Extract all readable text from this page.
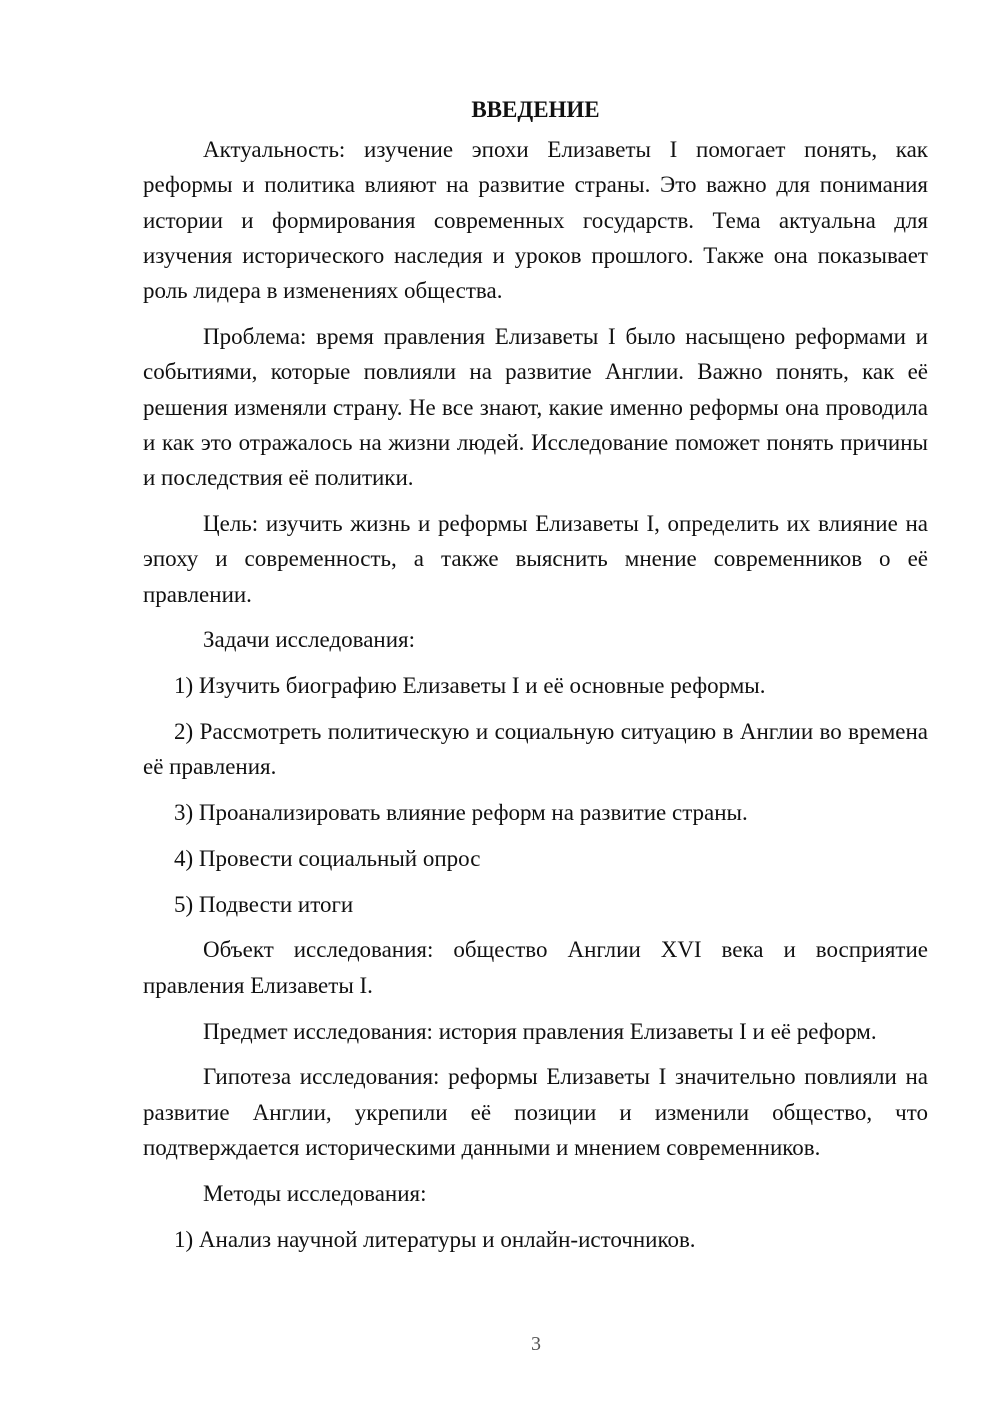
ВВЕДЕНИЕ

Актуальность: изучение эпохи Елизаветы I помогает понять, как реформы и политика влияют на развитие страны. Это важно для понимания истории и формирования современных государств. Тема актуальна для изучения исторического наследия и уроков прошлого. Также она показывает роль лидера в изменениях общества.

Проблема: время правления Елизаветы I было насыщено реформами и событиями, которые повлияли на развитие Англии. Важно понять, как её решения изменяли страну. Не все знают, какие именно реформы она проводила и как это отражалось на жизни людей. Исследование поможет понять причины и последствия её политики.

Цель: изучить жизнь и реформы Елизаветы I, определить их влияние на эпоху и современность, а также выяснить мнение современников о её правлении.

Задачи исследования:

1) Изучить биографию Елизаветы I и её основные реформы.

2) Рассмотреть политическую и социальную ситуацию в Англии во времена её правления.

3) Проанализировать влияние реформ на развитие страны.

4) Провести социальный опрос

5) Подвести итоги

Объект исследования: общество Англии XVI века и восприятие правления Елизаветы I.

Предмет исследования: история правления Елизаветы I и её реформ.

Гипотеза исследования: реформы Елизаветы I значительно повлияли на развитие Англии, укрепили её позиции и изменили общество, что подтверждается историческими данными и мнением современников.

Методы исследования:

1) Анализ научной литературы и онлайн-источников.

3
